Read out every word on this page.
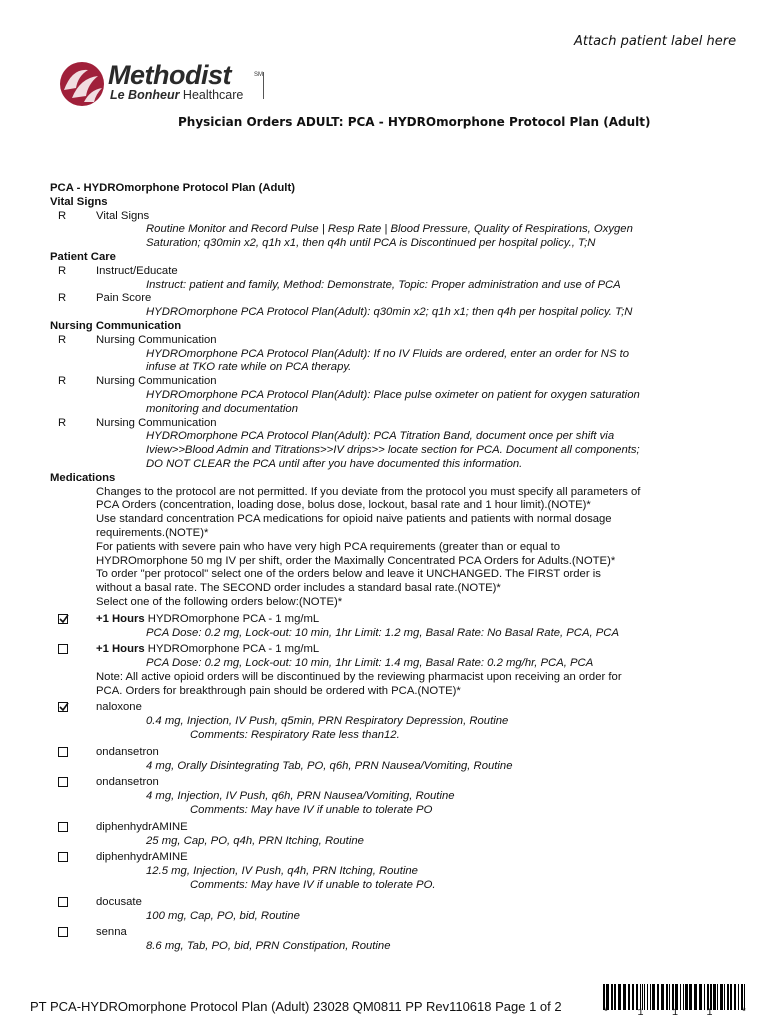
Attach patient label here
Methodist	SM
Le Bonheur Healthcare
Physician Orders ADULT: PCA - HYDROmorphone Protocol Plan (Adult)
PCA - HYDROmorphone Protocol Plan (Adult)
Vital Signs
R	Vital Signs
Routine Monitor and Record Pulse | Resp Rate | Blood Pressure, Quality of Respirations, Oxygen
Saturation; q30min x2, q1h x1, then q4h until PCA is Discontinued per hospital policy., T;N
Patient Care
R	Instruct/Educate
Instruct: patient and family, Method: Demonstrate, Topic: Proper administration and use of PCA
R	Pain Score
HYDROmorphone PCA Protocol Plan(Adult): q30min x2; q1h x1; then q4h per hospital policy. T;N
Nursing Communication
R	Nursing Communication
HYDROmorphone PCA Protocol Plan(Adult): If no IV Fluids are ordered, enter an order for NS to
infuse at TKO rate while on PCA therapy.
R	Nursing Communication
HYDROmorphone PCA Protocol Plan(Adult): Place pulse oximeter on patient for oxygen saturation
monitoring and documentation
R	Nursing Communication
HYDROmorphone PCA Protocol Plan(Adult): PCA Titration Band, document once per shift via
Iview>>Blood Admin and Titrations>>IV drips>> locate section for PCA. Document all components;
DO NOT CLEAR the PCA until after you have documented this information.
Medications
Changes to the protocol are not permitted. If you deviate from the protocol you must specify all parameters of
PCA Orders (concentration, loading dose, bolus dose, lockout, basal rate and 1 hour limit).(NOTE)*
Use standard concentration PCA medications for opioid naive patients and patients with normal dosage
requirements.(NOTE)*
For patients with severe pain who have very high PCA requirements (greater than or equal to
HYDROmorphone 50 mg IV per shift, order the Maximally Concentrated PCA Orders for Adults.(NOTE)*
To order "per protocol" select one of the orders below and leave it UNCHANGED. The FIRST order is
without a basal rate. The SECOND order includes a standard basal rate.(NOTE)*
Select one of the following orders below:(NOTE)*
+1 Hours HYDROmorphone PCA - 1 mg/mL
PCA Dose: 0.2 mg, Lock-out: 10 min, 1hr Limit: 1.2 mg, Basal Rate: No Basal Rate, PCA, PCA
+1 Hours HYDROmorphone PCA - 1 mg/mL
PCA Dose: 0.2 mg, Lock-out: 10 min, 1hr Limit: 1.4 mg, Basal Rate: 0.2 mg/hr, PCA, PCA
Note: All active opioid orders will be discontinued by the reviewing pharmacist upon receiving an order for
PCA. Orders for breakthrough pain should be ordered with PCA.(NOTE)*
naloxone
0.4 mg, Injection, IV Push, q5min, PRN Respiratory Depression, Routine
Comments: Respiratory Rate less than12.
ondansetron
4 mg, Orally Disintegrating Tab, PO, q6h, PRN Nausea/Vomiting, Routine
ondansetron
4 mg, Injection, IV Push, q6h, PRN Nausea/Vomiting, Routine
Comments: May have IV if unable to tolerate PO
diphenhydrAMINE
25 mg, Cap, PO, q4h, PRN Itching, Routine
diphenhydrAMINE
12.5 mg, Injection, IV Push, q4h, PRN Itching, Routine
Comments: May have IV if unable to tolerate PO.
docusate
100 mg, Cap, PO, bid, Routine
senna
8.6 mg, Tab, PO, bid, PRN Constipation, Routine
PT PCA-HYDROmorphone Protocol Plan (Adult) 23028 QM0811 PP Rev110618 Page 1 of 2	*	1	1	1	*
